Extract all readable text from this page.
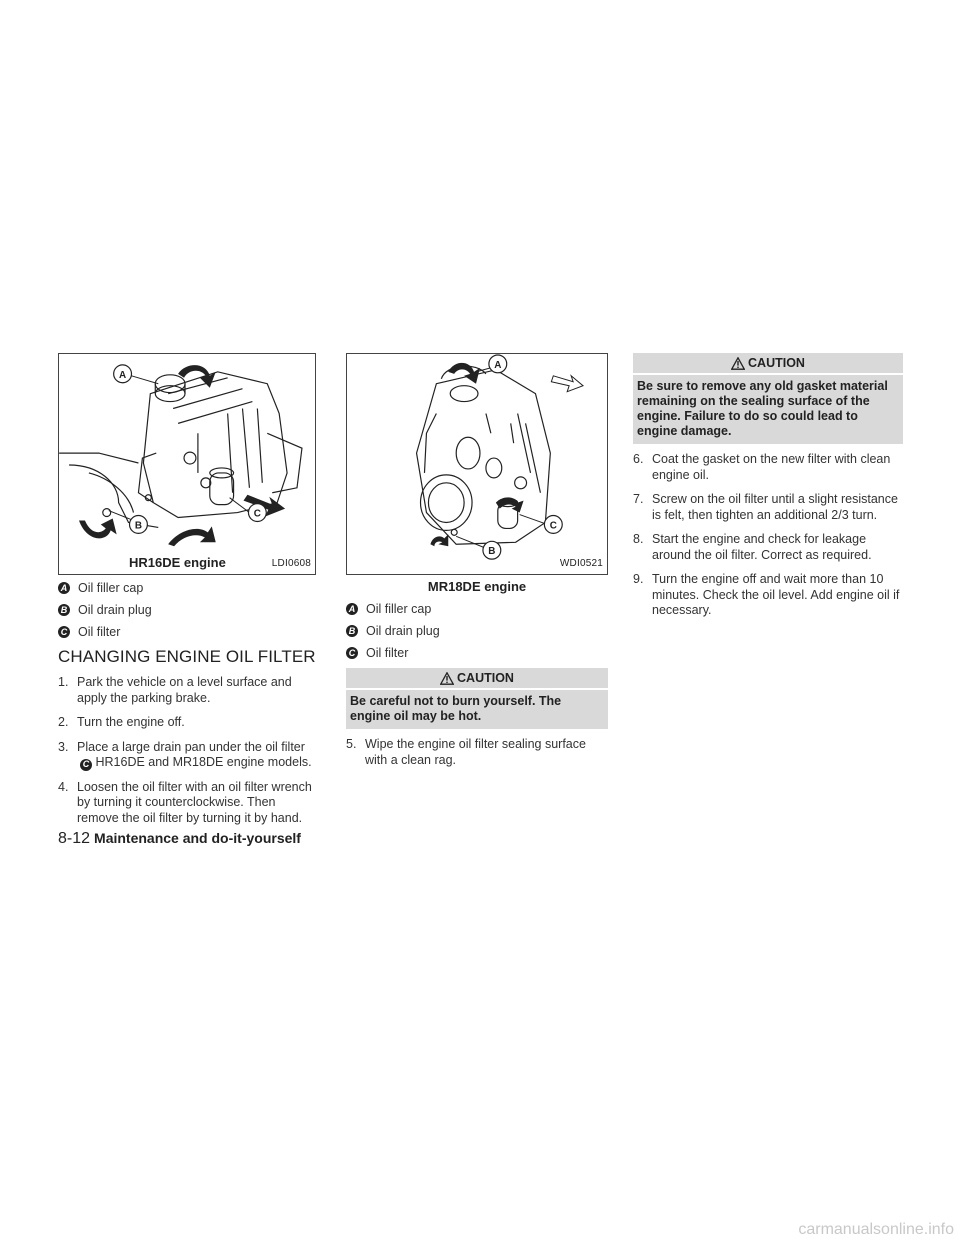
A
B
C
HR16DE engine	LDI0608
A Oil filler cap
B Oil drain plug
C Oil filter
CHANGING ENGINE OIL FILTER
1. Park the vehicle on a level surface and apply the parking brake.
2. Turn the engine off.
3. Place a large drain pan under the oil filterC HR16DE and MR18DE engine models.
4. Loosen the oil filter with an oil filter wrench by turning it counterclockwise. Then remove the oil filter by turning it by hand.
A
B
C
WDI0521
MR18DE engine
A Oil filler cap
B Oil drain plug
C Oil filter
CAUTION
Be careful not to burn yourself. The engine oil may be hot.
5. Wipe the engine oil filter sealing surface with a clean rag.
CAUTION
Be sure to remove any old gasket material remaining on the sealing surface of the engine. Failure to do so could lead to engine damage.
6. Coat the gasket on the new filter with clean engine oil.
7. Screw on the oil filter until a slight resistance is felt, then tighten an additional 2/3 turn.
8. Start the engine and check for leakage around the oil filter. Correct as required.
9. Turn the engine off and wait more than 10 minutes. Check the oil level. Add engine oil if necessary.
8-12 Maintenance and do-it-yourself
carmanualsonline.info
